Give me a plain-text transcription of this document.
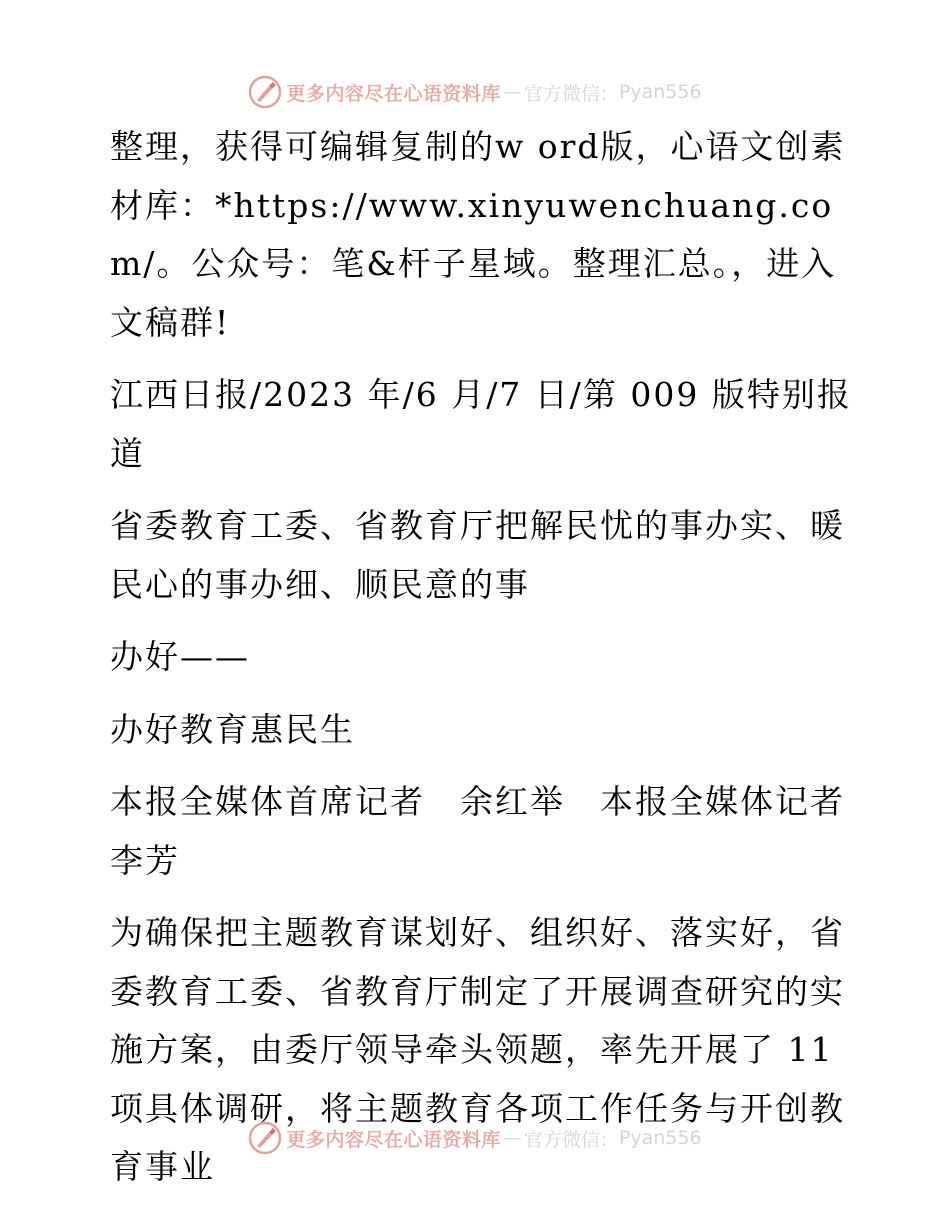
更多内容尽在心语资料库 — 官方微信： Pyan556

整理，获得可编辑复制的w ord版，心语文创素材库：*https://www.xinyuwenchuang.com/。公众号：笔&杆子星域。整理汇总。，进入文稿群!

江西日报/2023 年/6 月/7 日/第 009 版特别报道

省委教育工委、省教育厅把解民忧的事办实、暖民心的事办细、顺民意的事

办好——

办好教育惠民生

本报全媒体首席记者　余红举　本报全媒体记者李芳

为确保把主题教育谋划好、组织好、落实好，省委教育工委、省教育厅制定了开展调查研究的实施方案，由委厅领导牵头领题，率先开展了 11 项具体调研，将主题教育各项工作任务与开创教育事业

更多内容尽在心语资料库 — 官方微信： Pyan556
